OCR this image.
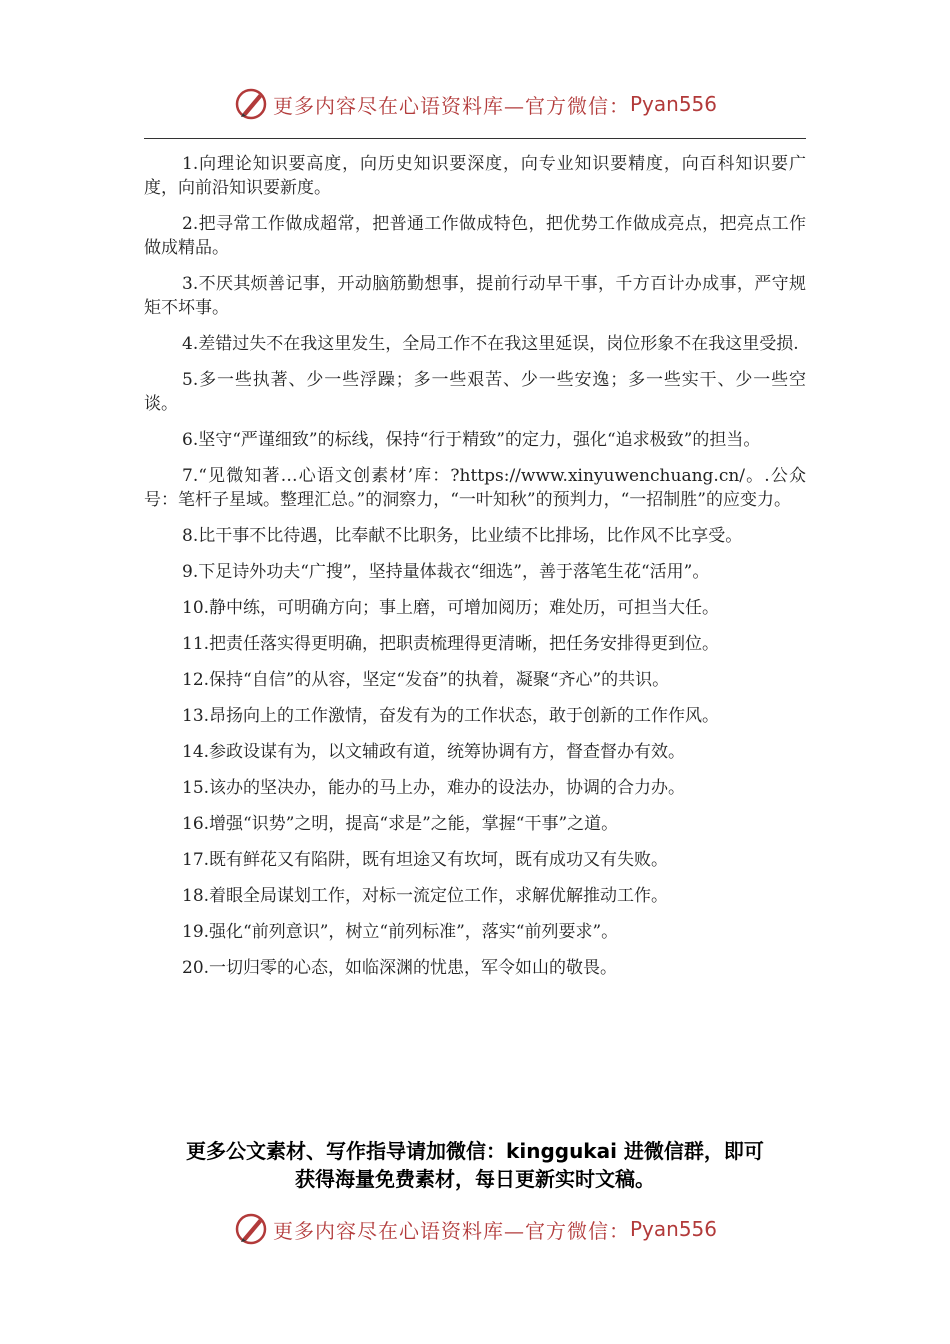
更多内容尽在心语资料库—官方微信： Pyan556

1.向理论知识要高度，向历史知识要深度，向专业知识要精度，向百科知识要广度，向前沿知识要新度。

2.把寻常工作做成超常，把普通工作做成特色，把优势工作做成亮点，把亮点工作做成精品。

3.不厌其烦善记事，开动脑筋勤想事，提前行动早干事，千方百计办成事，严守规矩不坏事。

4.差错过失不在我这里发生，全局工作不在我这里延误，岗位形象不在我这里受损.

5.多一些执著、少一些浮躁；多一些艰苦、少一些安逸；多一些实干、少一些空谈。

6.坚守“严谨细致”的标线，保持“行于精致”的定力，强化“追求极致”的担当。

7.“见微知著…心语文创素材’库：?https://www.xinyuwenchuang.cn/。.公众号：笔杆子星域。整理汇总。”的洞察力，“一叶知秋”的预判力，“一招制胜”的应变力。

8.比干事不比待遇，比奉献不比职务，比业绩不比排场，比作风不比享受。

9.下足诗外功夫“广搜”，坚持量体裁衣“细选”，善于落笔生花“活用”。

10.静中练，可明确方向；事上磨，可增加阅历；难处历，可担当大任。

11.把责任落实得更明确，把职责梳理得更清晰，把任务安排得更到位。

12.保持“自信”的从容，坚定“发奋”的执着，凝聚“齐心”的共识。

13.昂扬向上的工作激情，奋发有为的工作状态，敢于创新的工作作风。

14.参政设谋有为，以文辅政有道，统筹协调有方，督查督办有效。

15.该办的坚决办，能办的马上办，难办的设法办，协调的合力办。

16.增强“识势”之明，提高“求是”之能，掌握“干事”之道。

17.既有鲜花又有陷阱，既有坦途又有坎坷，既有成功又有失败。

18.着眼全局谋划工作，对标一流定位工作，求解优解推动工作。

19.强化“前列意识”，树立“前列标准”，落实“前列要求”。

20.一切归零的心态，如临深渊的忧患，军令如山的敬畏。

更多公文素材、写作指导请加微信：kinggukai 进微信群，即可
获得海量免费素材，每日更新实时文稿。
更多内容尽在心语资料库—官方微信： Pyan556
